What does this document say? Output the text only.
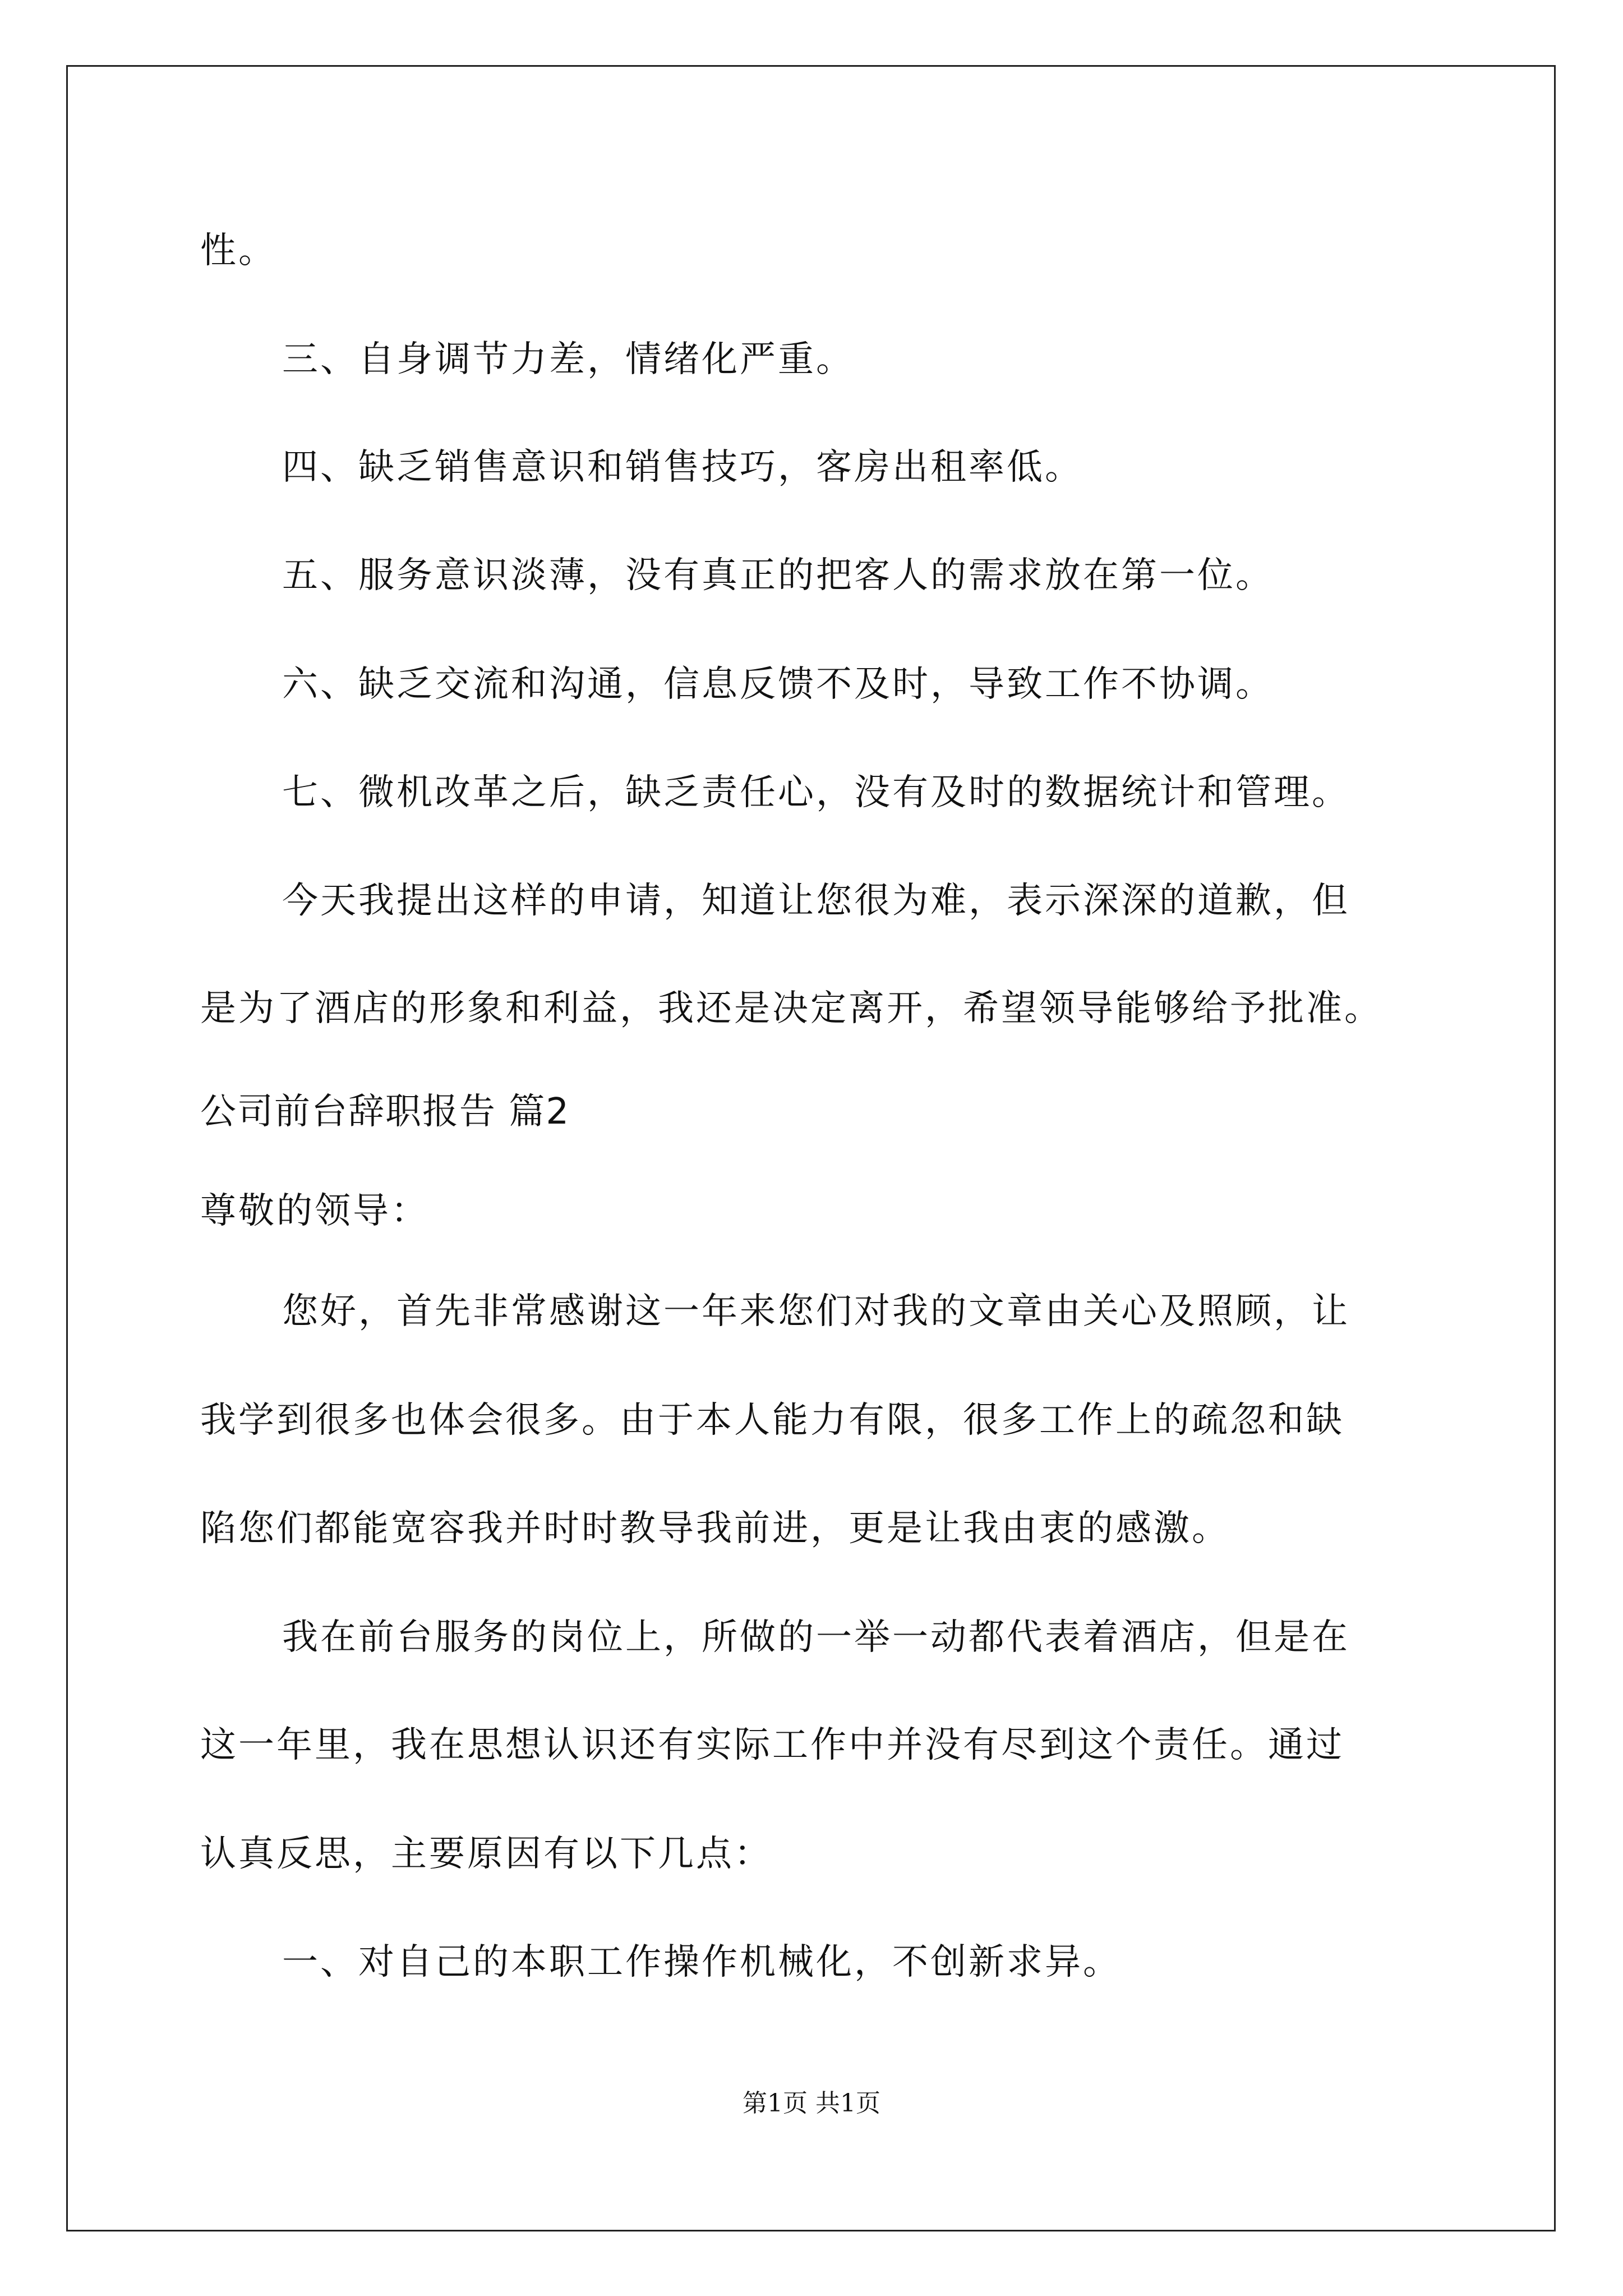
性。
三、自身调节力差，情绪化严重。
四、缺乏销售意识和销售技巧，客房出租率低。
五、服务意识淡薄，没有真正的把客人的需求放在第一位。
六、缺乏交流和沟通，信息反馈不及时，导致工作不协调。
七、微机改革之后，缺乏责任心，没有及时的数据统计和管理。
今天我提出这样的申请，知道让您很为难，表示深深的道歉，但
是为了酒店的形象和利益，我还是决定离开，希望领导能够给予批准。
公司前台辞职报告 篇2
尊敬的领导：
您好，首先非常感谢这一年来您们对我的文章由关心及照顾，让
我学到很多也体会很多。由于本人能力有限，很多工作上的疏忽和缺
陷您们都能宽容我并时时教导我前进，更是让我由衷的感激。
我在前台服务的岗位上，所做的一举一动都代表着酒店，但是在
这一年里，我在思想认识还有实际工作中并没有尽到这个责任。通过
认真反思，主要原因有以下几点：
一、对自己的本职工作操作机械化，不创新求异。
第1页 共1页
